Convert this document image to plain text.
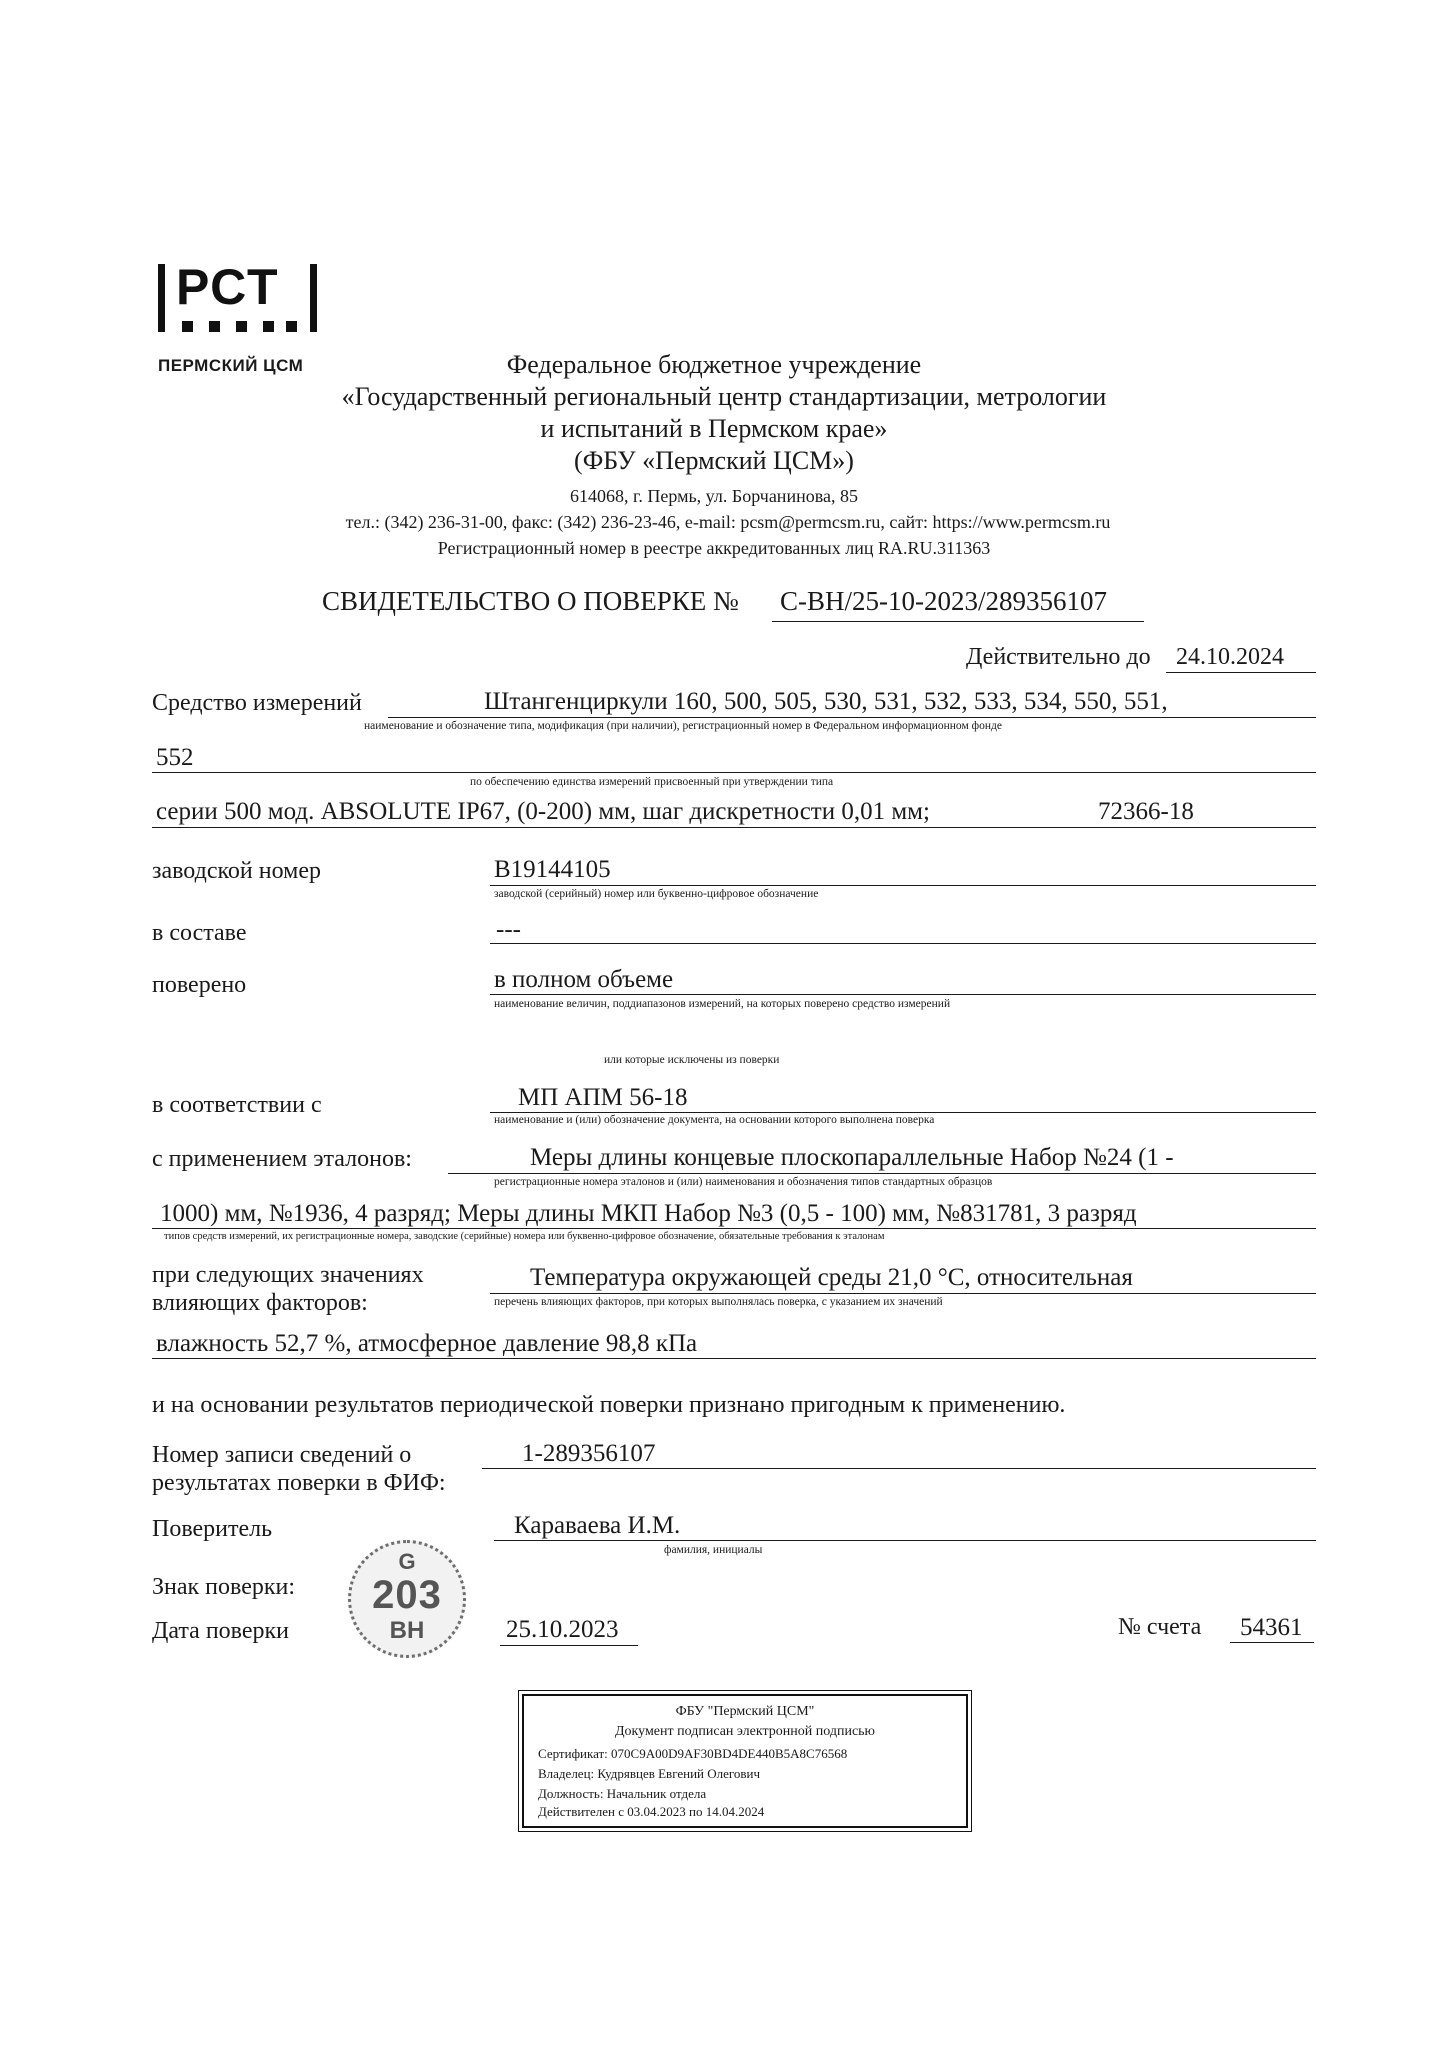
РСТ
ПЕРМСКИЙ ЦСМ	Федеральное бюджетное учреждение
«Государственный региональный центр стандартизации, метрологии
и испытаний в Пермском крае»
(ФБУ «Пермский ЦСМ»)
614068, г. Пермь, ул. Борчанинова, 85
тел.: (342) 236-31-00, факс: (342) 236-23-46, e-mail: pcsm@permcsm.ru, сайт: https://www.permcsm.ru
Регистрационный номер в реестре аккредитованных лиц RA.RU.311363
СВИДЕТЕЛЬСТВО О ПОВЕРКЕ № С-ВН/25-10-2023/289356107
Действительно до 24.10.2024
Средство измерений	Штангенциркули 160, 500, 505, 530, 531, 532, 533, 534, 550, 551,
наименование и обозначение типа, модификация (при наличии), регистрационный номер в Федеральном информационном фонде
552
по обеспечению единства измерений присвоенный при утверждении типа
серии 500 мод. ABSOLUTE IP67, (0-200) мм, шаг дискретности 0,01 мм;	72366-18
заводской номер	B19144105
заводской (серийный) номер или буквенно-цифровое обозначение
в составе	---
поверено	в полном объеме
наименование величин, поддиапазонов измерений, на которых поверено средство измерений
или которые исключены из поверки
в соответствии с	МП АПМ 56-18
наименование и (или) обозначение документа, на основании которого выполнена поверка
с применением эталонов:	Меры длины концевые плоскопараллельные Набор №24 (1 -
регистрационные номера эталонов и (или) наименования и обозначения типов стандартных образцов
1000) мм, №1936, 4 разряд; Меры длины МКП Набор №3 (0,5 - 100) мм, №831781, 3 разряд
типов средств измерений, их регистрационные номера, заводские (серийные) номера или буквенно-цифровое обозначение, обязательные требования к эталонам
при следующих значениях
влияющих факторов:
Температура окружающей среды 21,0 °C, относительная
перечень влияющих факторов, при которых выполнялась поверка, с указанием их значений
влажность 52,7 %, атмосферное давление 98,8 кПа
и на основании результатов периодической поверки признано пригодным к применению.
Номер записи сведений о
результатах поверки в ФИФ:
1-289356107
Поверитель	Караваева И.М.
фамилия, инициалы
Знак поверки:
G
203
ВН
Дата поверки	25.10.2023	№ счета 54361
ФБУ "Пермский ЦСМ"
Документ подписан электронной подписью
Сертификат: 070C9A00D9AF30BD4DE440B5A8C76568
Владелец: Кудрявцев Евгений Олегович
Должность: Начальник отдела
Действителен с 03.04.2023 по 14.04.2024
